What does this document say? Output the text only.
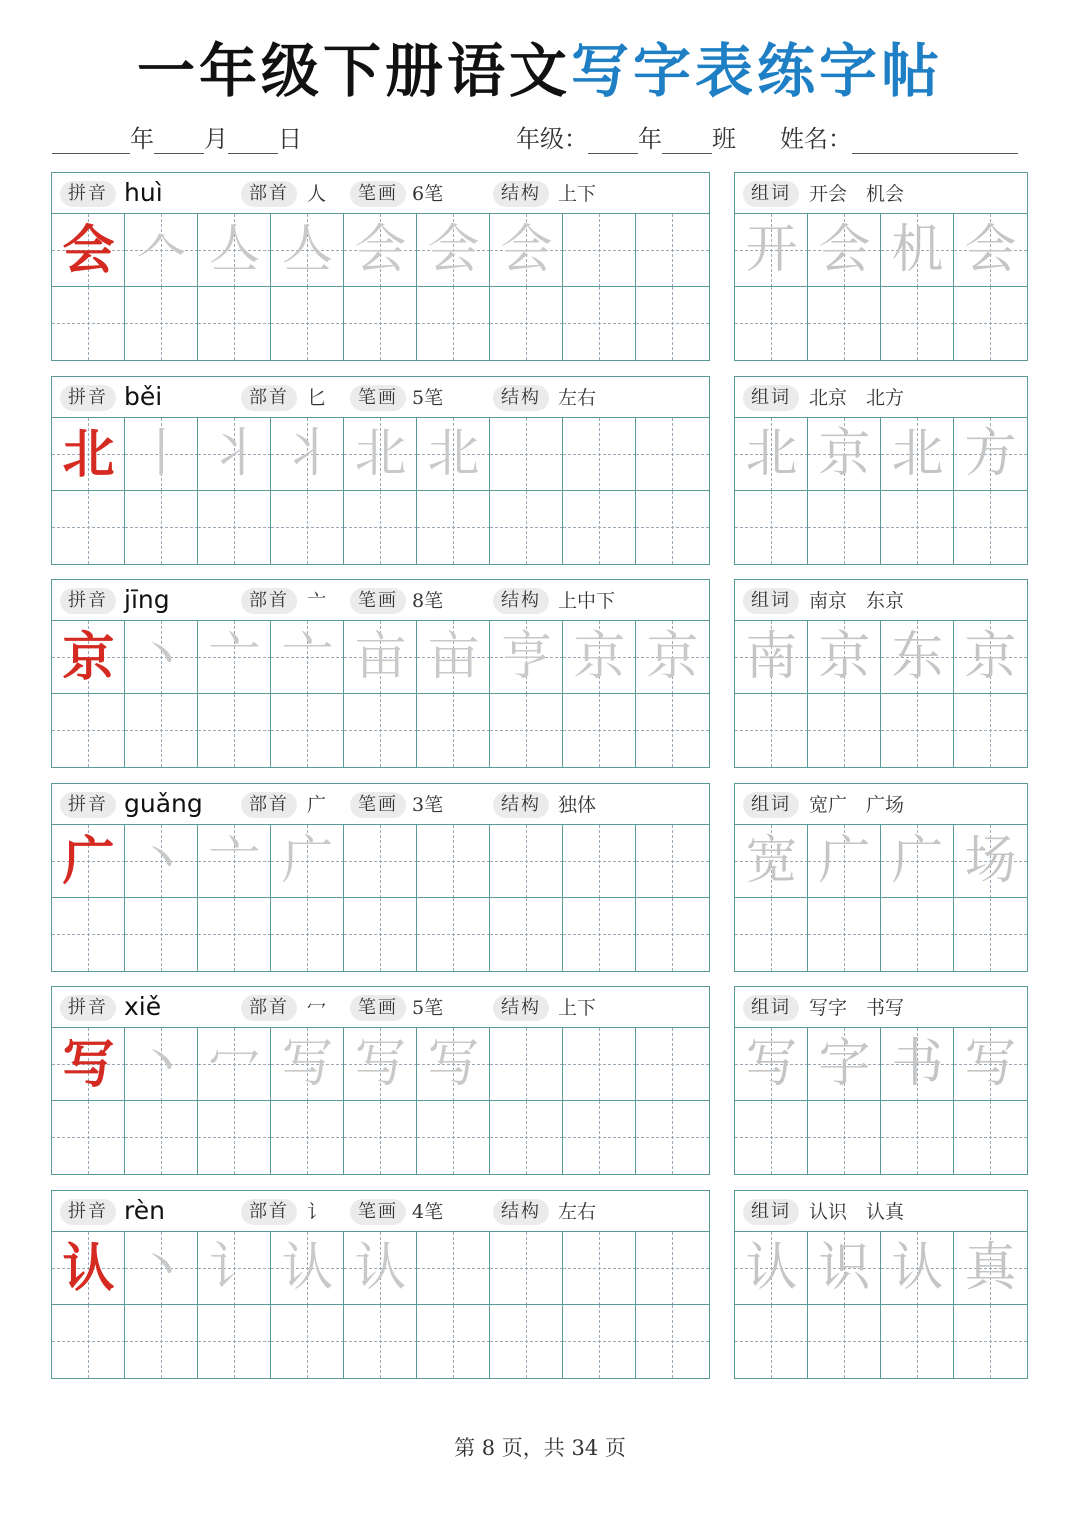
一年级下册语文写字表练字帖
年 月 日	年级： 年 班 姓名：
拼音 huì	部首 人	笔画 6笔	结构 上下
会 𠆢 亼 亼 会 会 会
组词 开会　机会
开 会 机 会
拼音 běi	部首 匕	笔画 5笔	结构 左右
北 丨 丬 丬 北 北
组词 北京　北方
北 京 北 方
拼音 jīng	部首 亠	笔画 8笔	结构 上中下
京 丶 亠 亠 亩 亩 亨 京 京
组词 南京　东京
南 京 东 京
拼音 guǎng	部首 广	笔画 3笔	结构 独体
广 丶 亠 广
组词 宽广　广场
宽 广 广 场
拼音 xiě	部首 冖	笔画 5笔	结构 上下
写 丶 冖 写 写 写
组词 写字　书写
写 字 书 写
拼音 rèn	部首 讠	笔画 4笔	结构 左右
认 丶 讠 认 认
组词 认识　认真
认 识 认 真
第 8 页，共 34 页
